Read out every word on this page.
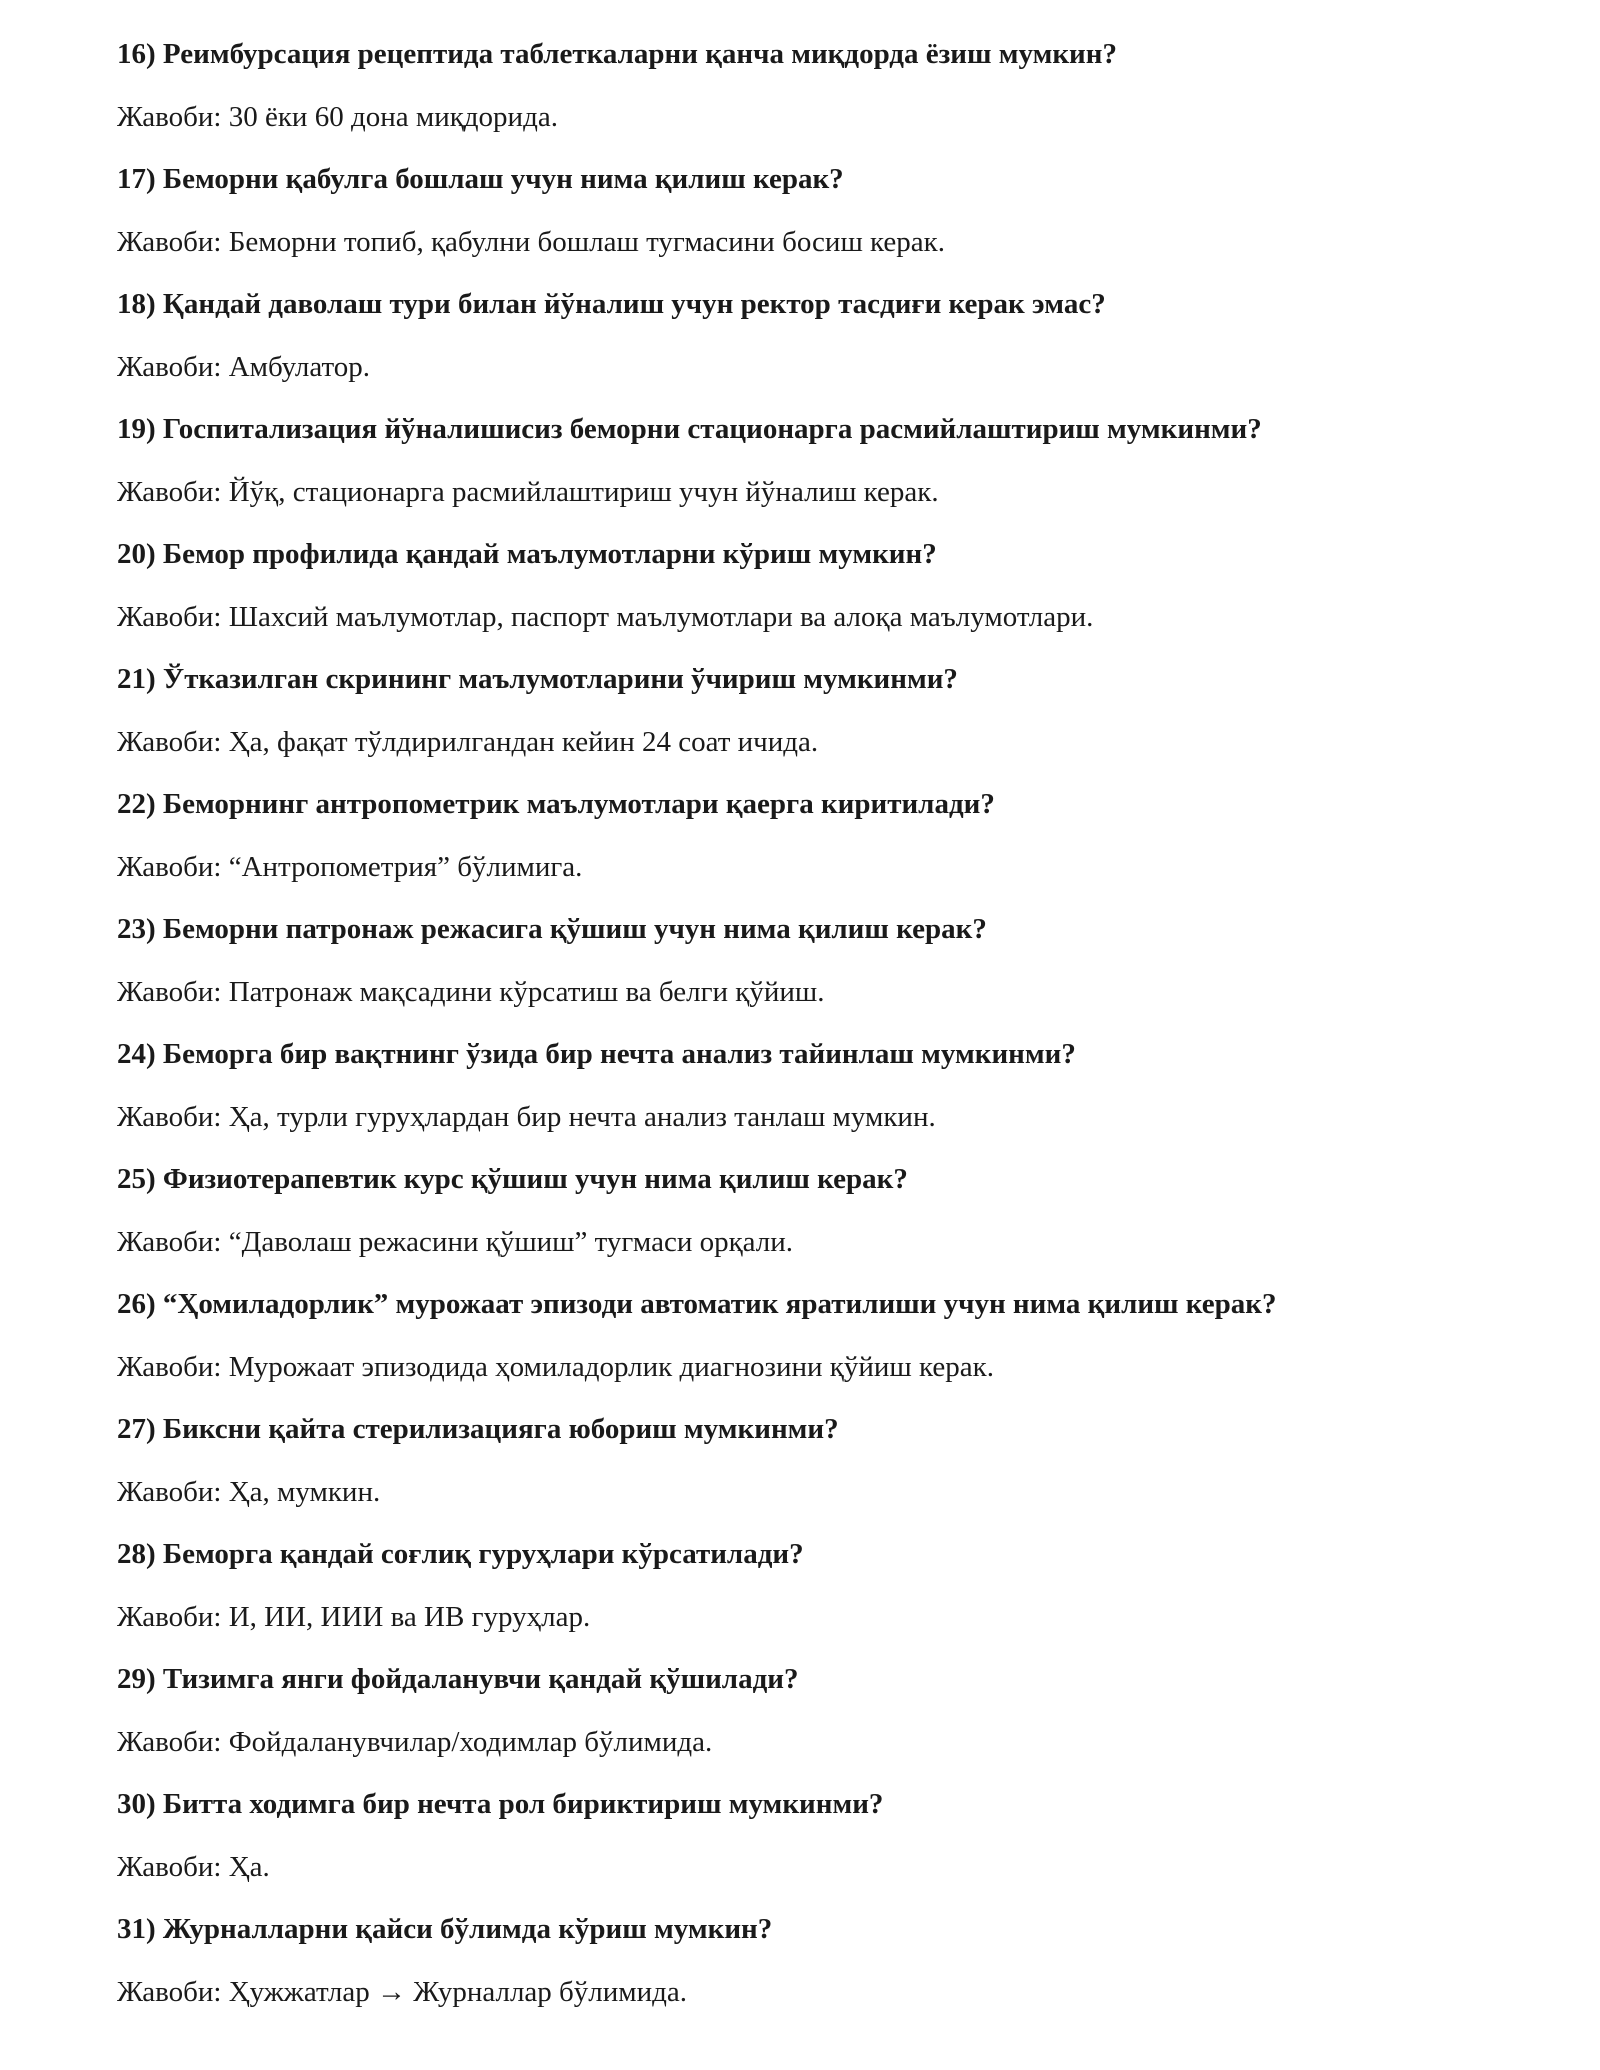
16) Реимбурсация рецептида таблеткаларни қанча миқдорда ёзиш мумкин?

Жавоби: 30 ёки 60 дона миқдорида.

17) Беморни қабулга бошлаш учун нима қилиш керак?

Жавоби: Беморни топиб, қабулни бошлаш тугмасини босиш керак.

18) Қандай даволаш тури билан йўналиш учун ректор тасдиғи керак эмас?

Жавоби: Амбулатор.

19) Госпитализация йўналишисиз беморни стационарга расмийлаштириш мумкинми?

Жавоби: Йўқ, стационарга расмийлаштириш учун йўналиш керак.

20) Бемор профилида қандай маълумотларни кўриш мумкин?

Жавоби: Шахсий маълумотлар, паспорт маълумотлари ва алоқа маълумотлари.

21) Ўтказилган скрининг маълумотларини ўчириш мумкинми?

Жавоби: Ҳа, фақат тўлдирилгандан кейин 24 соат ичида.

22) Беморнинг антропометрик маълумотлари қаерга киритилади?

Жавоби: “Антропометрия” бўлимига.

23) Беморни патронаж режасига қўшиш учун нима қилиш керак?

Жавоби: Патронаж мақсадини кўрсатиш ва белги қўйиш.

24) Беморга бир вақтнинг ўзида бир нечта анализ тайинлаш мумкинми?

Жавоби: Ҳа, турли гуруҳлардан бир нечта анализ танлаш мумкин.

25) Физиотерапевтик курс қўшиш учун нима қилиш керак?

Жавоби: “Даволаш режасини қўшиш” тугмаси орқали.

26) “Ҳомиладорлик” мурожаат эпизоди автоматик яратилиши учун нима қилиш керак?

Жавоби: Мурожаат эпизодида ҳомиладорлик диагнозини қўйиш керак.

27) Биксни қайта стерилизацияга юбориш мумкинми?

Жавоби: Ҳа, мумкин.

28) Беморга қандай соғлиқ гуруҳлари кўрсатилади?

Жавоби: И, ИИ, ИИИ ва ИВ гуруҳлар.

29) Тизимга янги фойдаланувчи қандай қўшилади?

Жавоби: Фойдаланувчилар/ходимлар бўлимида.

30) Битта ходимга бир нечта рол бириктириш мумкинми?

Жавоби: Ҳа.

31) Журналларни қайси бўлимда кўриш мумкин?

Жавоби: Ҳужжатлар → Журналлар бўлимида.
